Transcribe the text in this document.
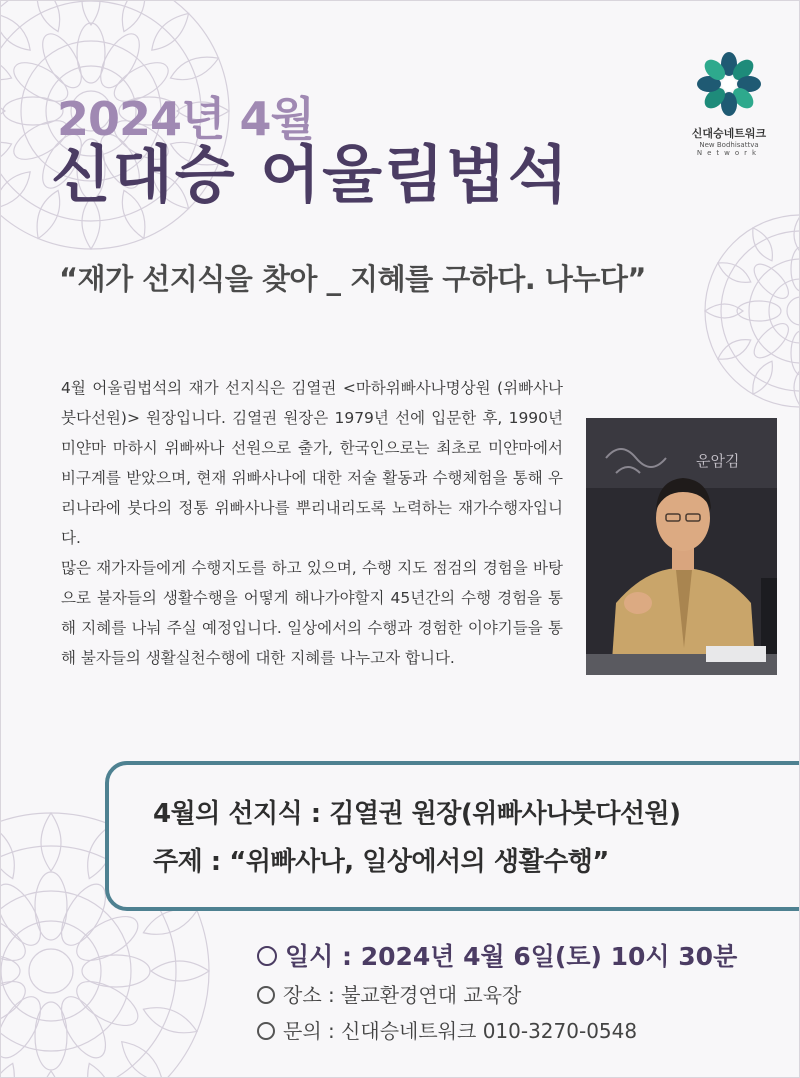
2024년 4월
신대승 어울림법석
신대승네트워크
New Bodhisattva
Network
“재가 선지식을 찾아 _ 지혜를 구하다. 나누다”

4월 어울림법석의 재가 선지식은 김열권 <마하위빠사나명상원 (위빠사나붓다선원)> 원장입니다. 김열권 원장은 1979년 선에 입문한 후, 1990년 미얀마 마하시 위빠싸나 선원으로 출가, 한국인으로는 최초로 미얀마에서 비구계를 받았으며, 현재 위빠사나에 대한 저술 활동과 수행체험을 통해 우리나라에 붓다의 정통 위빠사나를 뿌리내리도록 노력하는 재가수행자입니다.

많은 재가자들에게 수행지도를 하고 있으며, 수행 지도 점검의 경험을 바탕으로 불자들의 생활수행을 어떻게 해나가야할지 45년간의 수행 경험을 통해 지혜를 나눠 주실 예정입니다. 일상에서의 수행과 경험한 이야기들을 통해 불자들의 생활실천수행에 대한 지혜를 나누고자 합니다.

운암김

4월의 선지식 : 김열권 원장(위빠사나붓다선원)

주제 : “위빠사나, 일상에서의 생활수행”

일시 : 2024년 4월 6일(토) 10시 30분

장소 : 불교환경연대 교육장

문의 : 신대승네트워크 010-3270-0548
